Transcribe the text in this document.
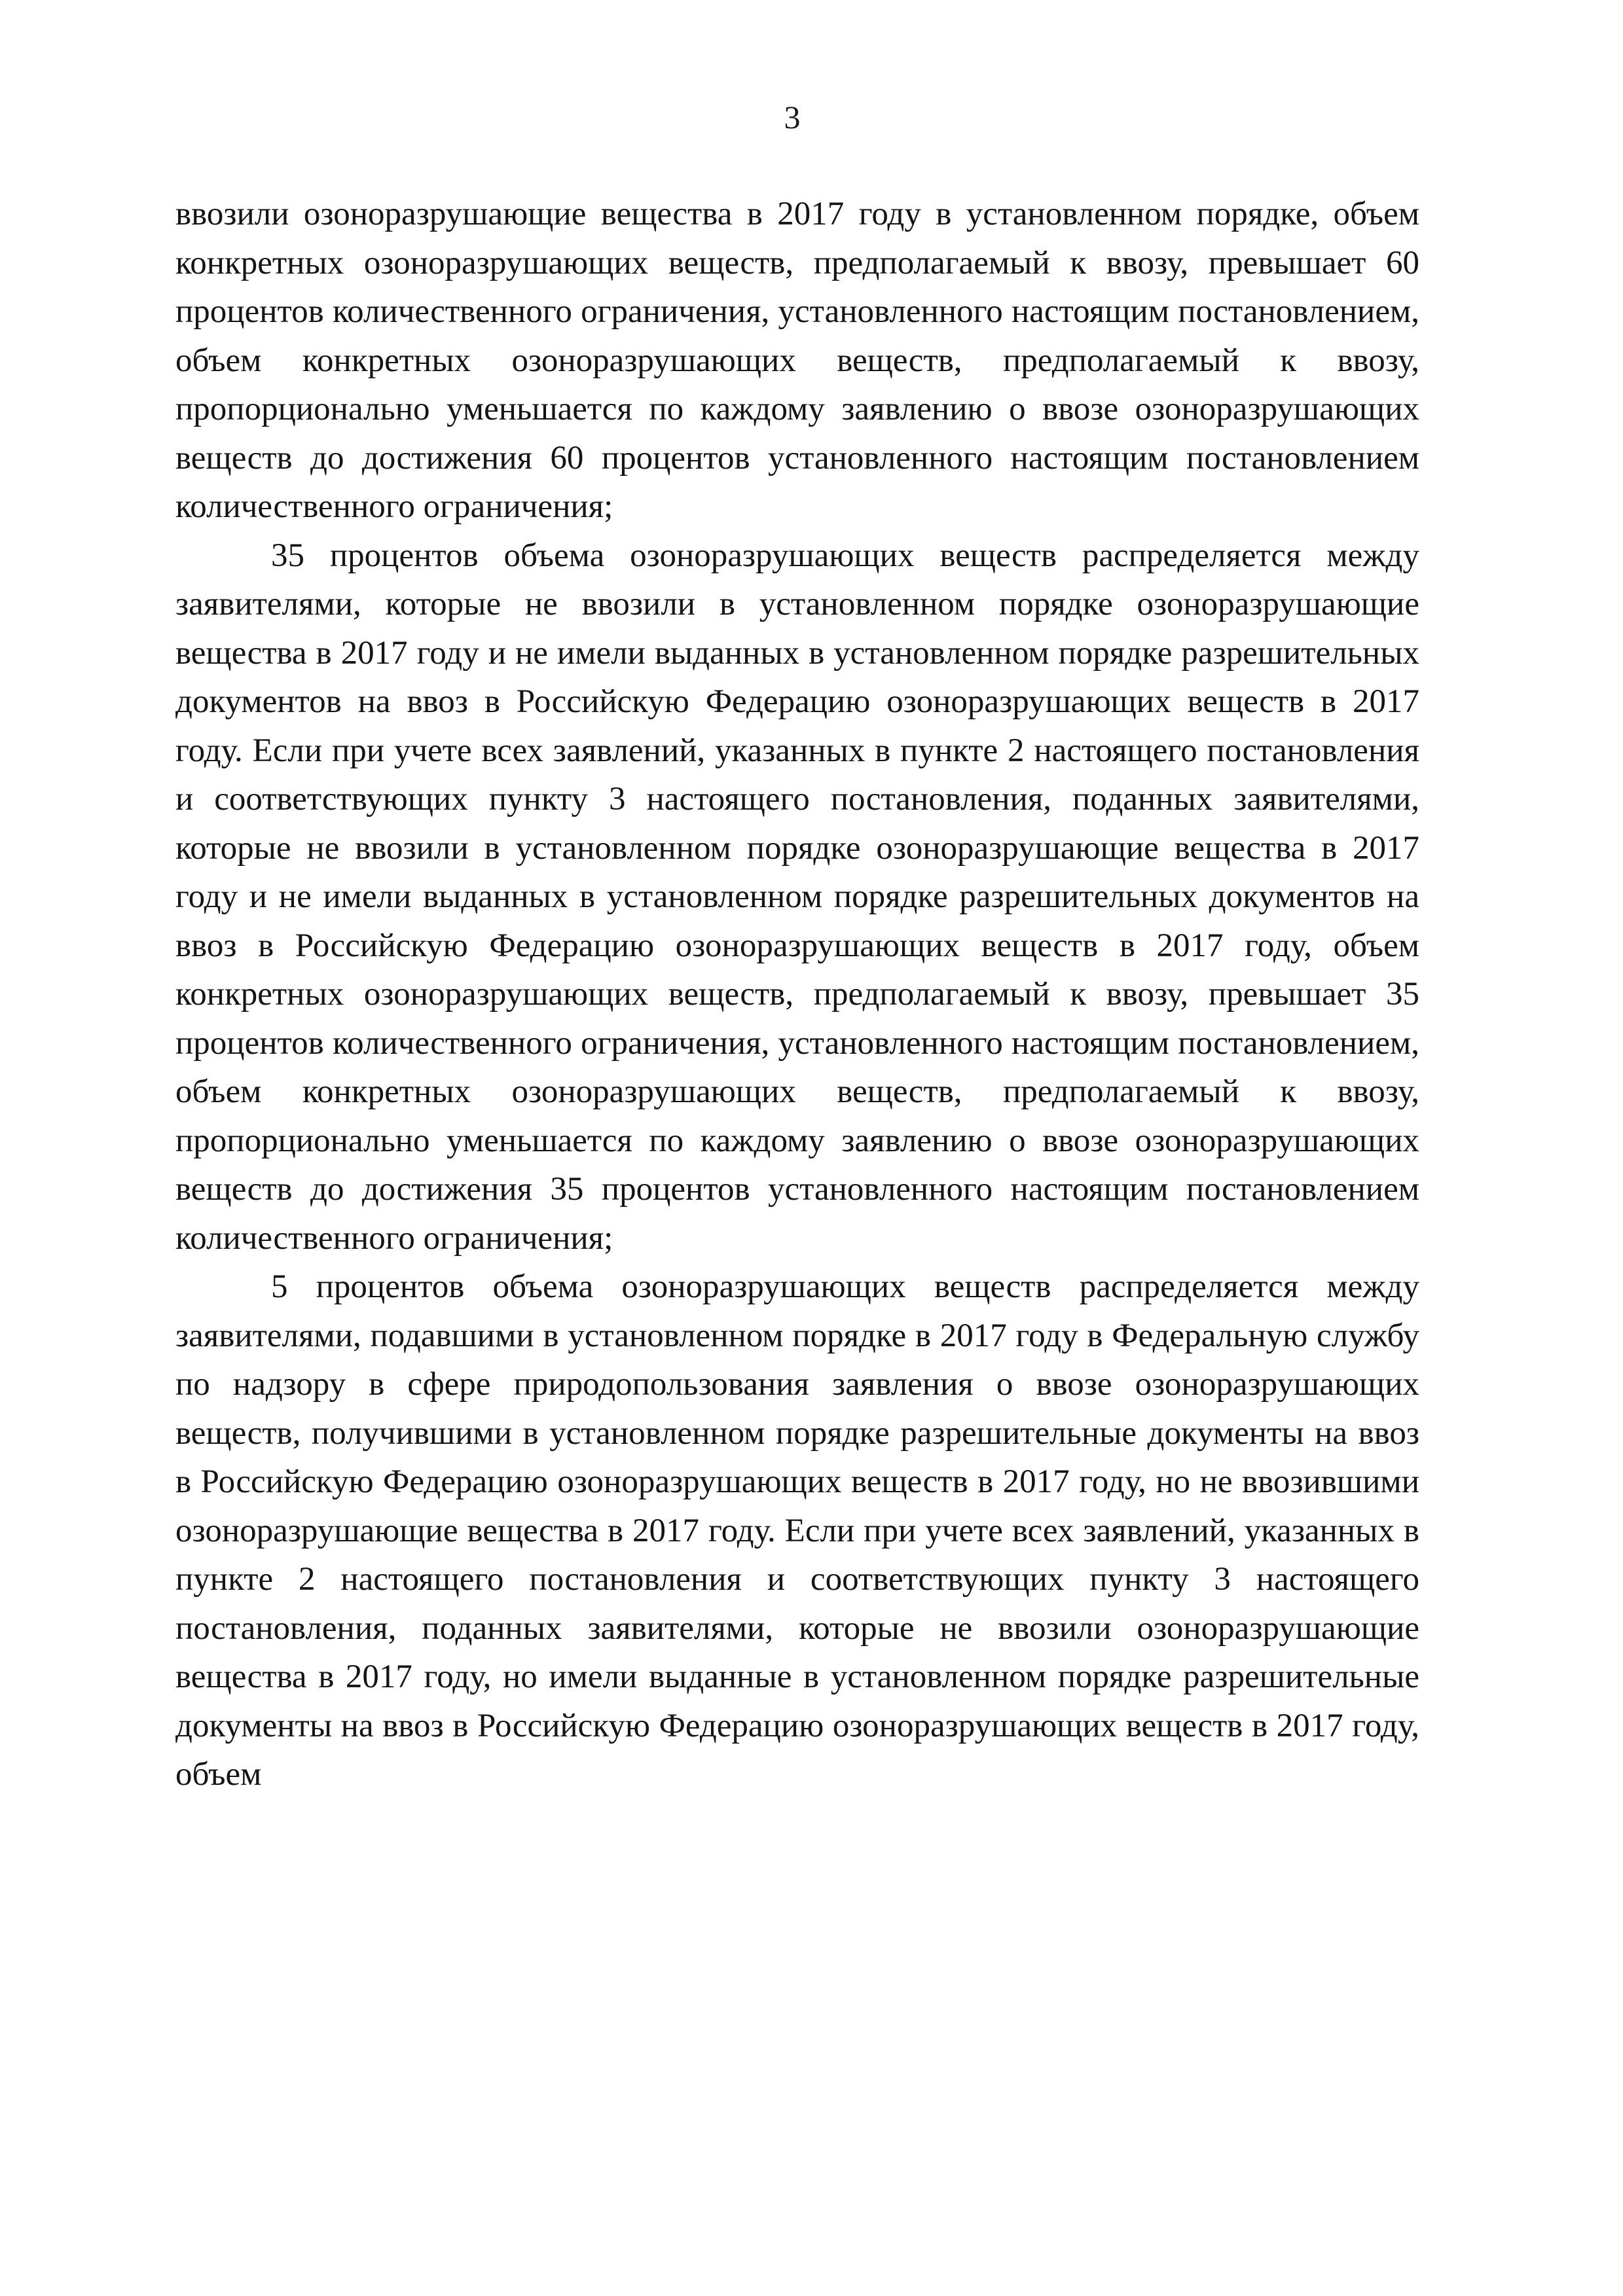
3

ввозили озоноразрушающие вещества в 2017 году в установленном порядке, объем конкретных озоноразрушающих веществ, предполагаемый к ввозу, превышает 60 процентов количественного ограничения, установленного настоящим постановлением, объем конкретных озоноразрушающих веществ, предполагаемый к ввозу, пропорционально уменьшается по каждому заявлению о ввозе озоноразрушающих веществ до достижения 60 процентов установленного настоящим постановлением количественного ограничения;

35 процентов объема озоноразрушающих веществ распределяется между заявителями, которые не ввозили в установленном порядке озоноразрушающие вещества в 2017 году и не имели выданных в установленном порядке разрешительных документов на ввоз в Российскую Федерацию озоноразрушающих веществ в 2017 году. Если при учете всех заявлений, указанных в пункте 2 настоящего постановления и соответствующих пункту 3 настоящего постановления, поданных заявителями, которые не ввозили в установленном порядке озоноразрушающие вещества в 2017 году и не имели выданных в установленном порядке разрешительных документов на ввоз в Российскую Федерацию озоноразрушающих веществ в 2017 году, объем конкретных озоноразрушающих веществ, предполагаемый к ввозу, превышает 35 процентов количественного ограничения, установленного настоящим постановлением, объем конкретных озоноразрушающих веществ, предполагаемый к ввозу, пропорционально уменьшается по каждому заявлению о ввозе озоноразрушающих веществ до достижения 35 процентов установленного настоящим постановлением количественного ограничения;

5 процентов объема озоноразрушающих веществ распределяется между заявителями, подавшими в установленном порядке в 2017 году в Федеральную службу по надзору в сфере природопользования заявления о ввозе озоноразрушающих веществ, получившими в установленном порядке разрешительные документы на ввоз в Российскую Федерацию озоноразрушающих веществ в 2017 году, но не ввозившими озоноразрушающие вещества в 2017 году. Если при учете всех заявлений, указанных в пункте 2 настоящего постановления и соответствующих пункту 3 настоящего постановления, поданных заявителями, которые не ввозили озоноразрушающие вещества в 2017 году, но имели выданные в установленном порядке разрешительные документы на ввоз в Российскую Федерацию озоноразрушающих веществ в 2017 году, объем
